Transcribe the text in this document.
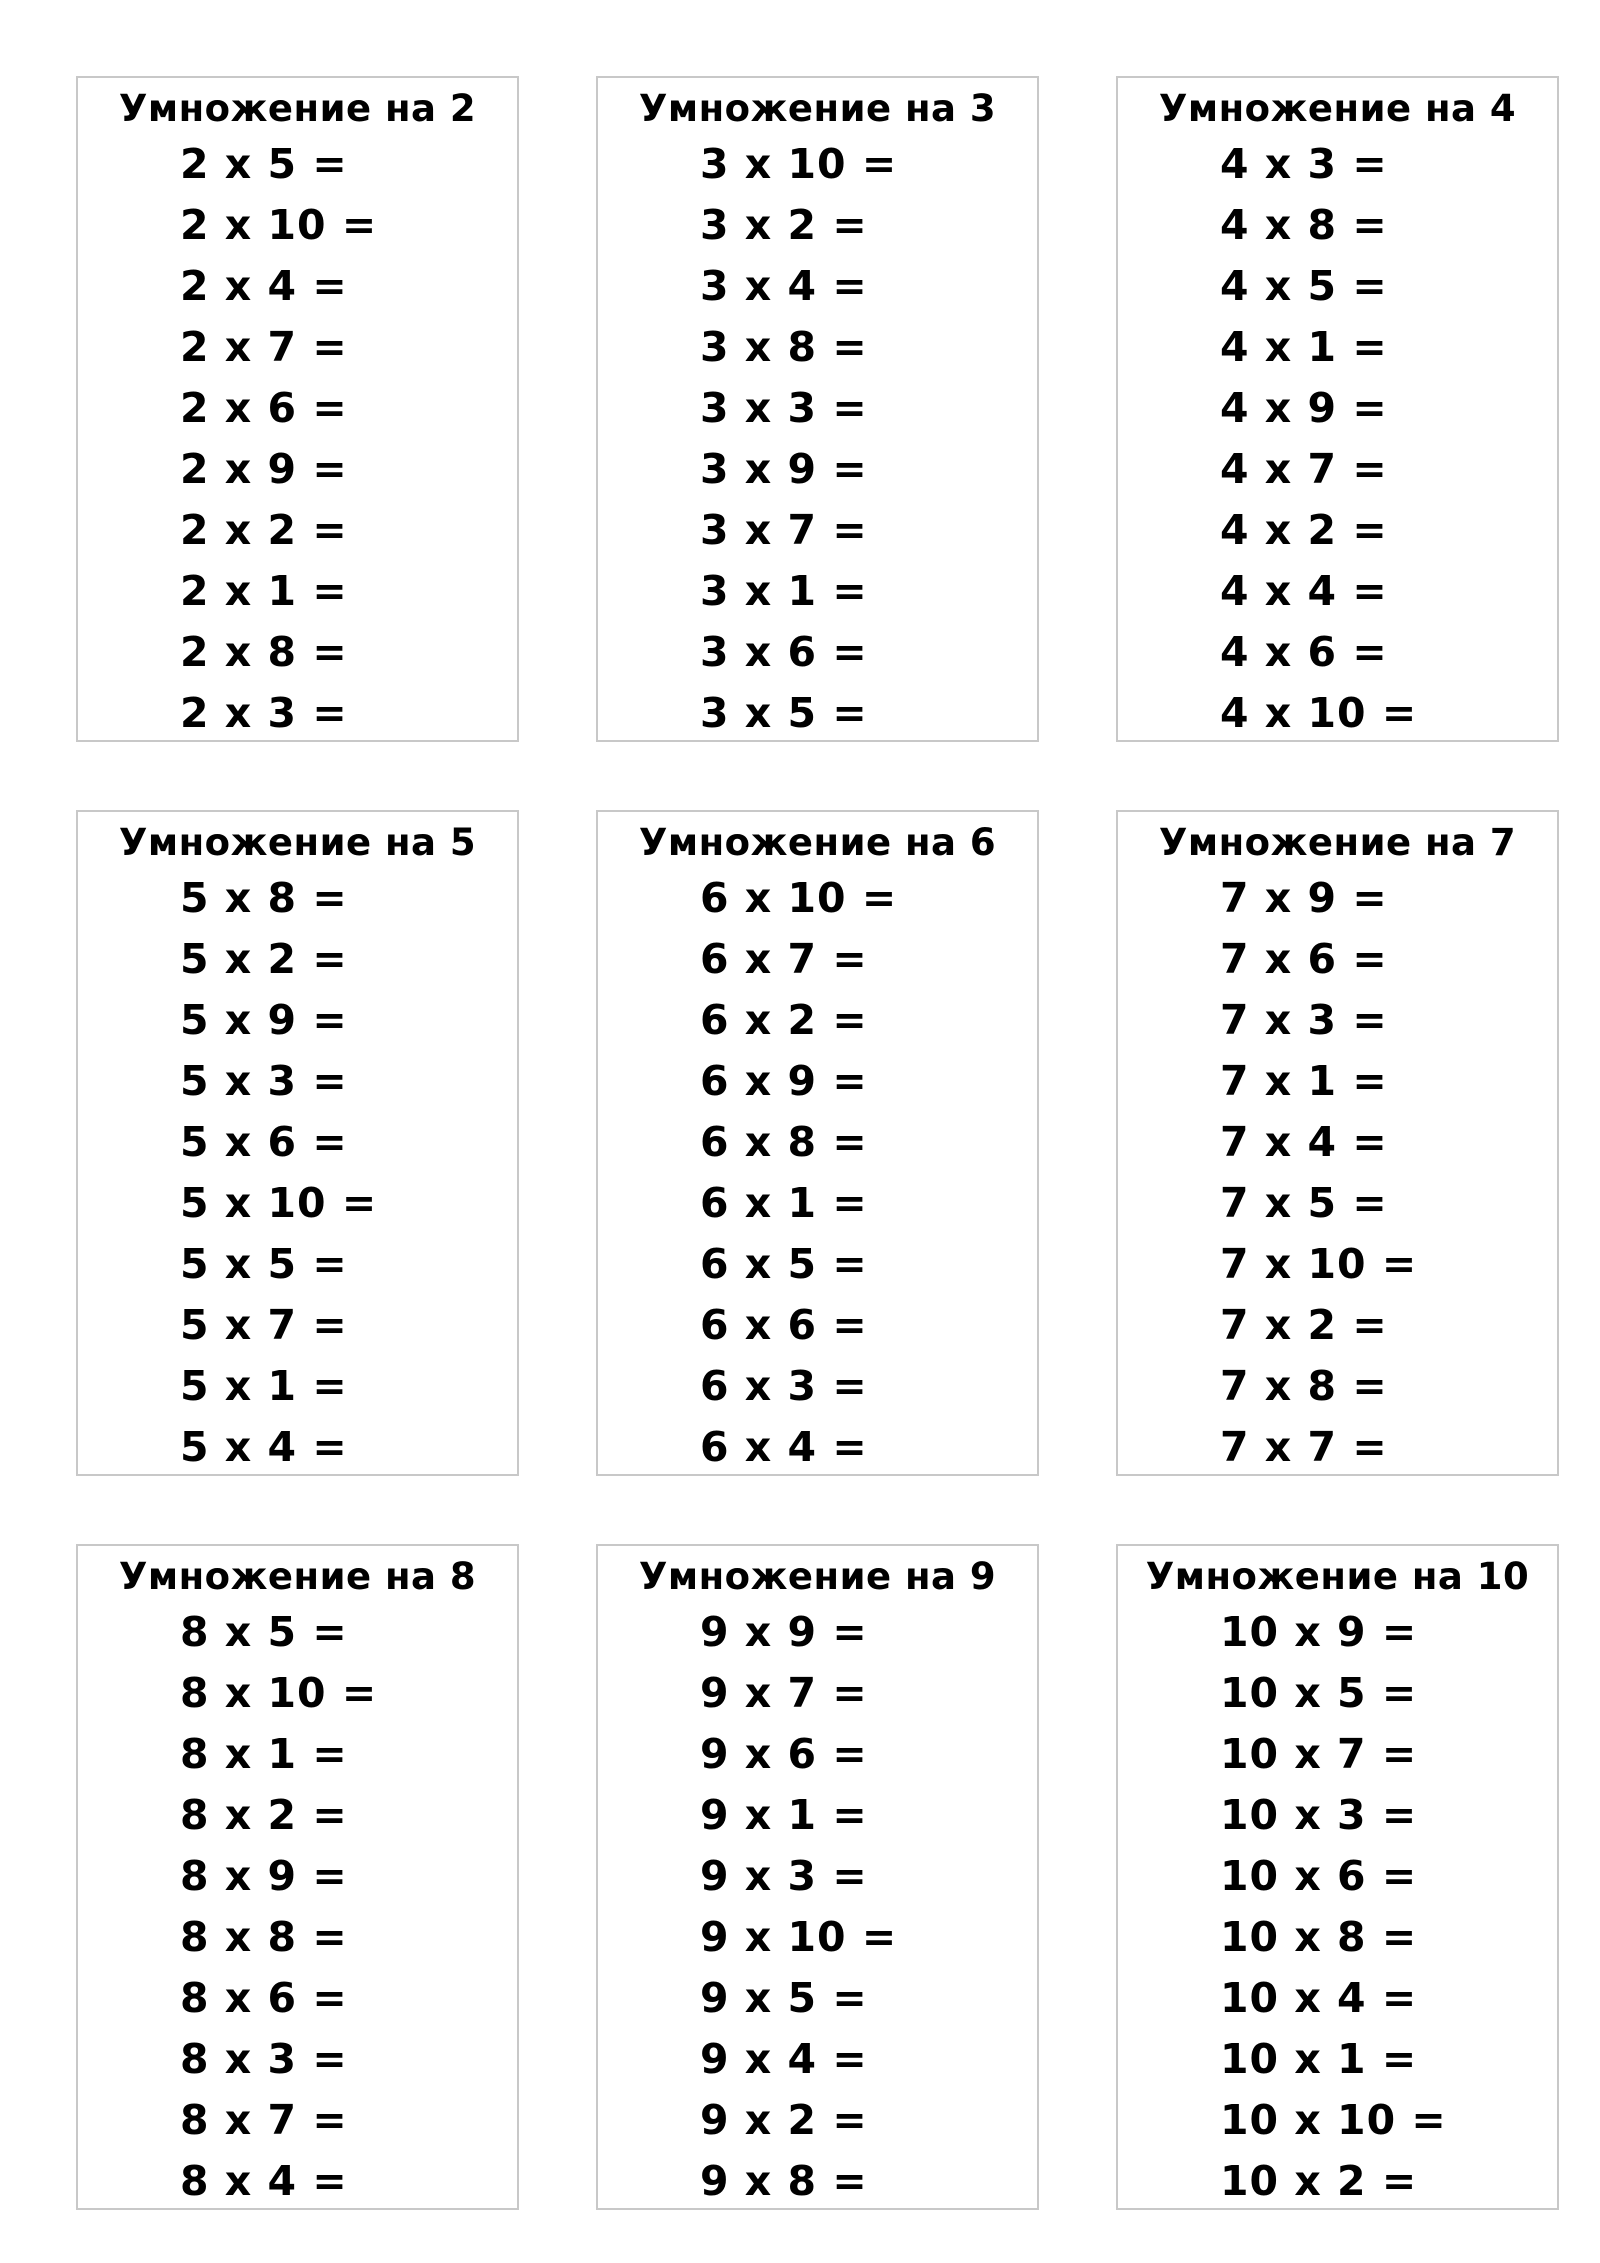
Умножение на 2
2 x 5 =
2 x 10 =
2 x 4 =
2 x 7 =
2 x 6 =
2 x 9 =
2 x 2 =
2 x 1 =
2 x 8 =
2 x 3 =
Умножение на 3
3 x 10 =
3 x 2 =
3 x 4 =
3 x 8 =
3 x 3 =
3 x 9 =
3 x 7 =
3 x 1 =
3 x 6 =
3 x 5 =
Умножение на 4
4 x 3 =
4 x 8 =
4 x 5 =
4 x 1 =
4 x 9 =
4 x 7 =
4 x 2 =
4 x 4 =
4 x 6 =
4 x 10 =
Умножение на 5
5 x 8 =
5 x 2 =
5 x 9 =
5 x 3 =
5 x 6 =
5 x 10 =
5 x 5 =
5 x 7 =
5 x 1 =
5 x 4 =
Умножение на 6
6 x 10 =
6 x 7 =
6 x 2 =
6 x 9 =
6 x 8 =
6 x 1 =
6 x 5 =
6 x 6 =
6 x 3 =
6 x 4 =
Умножение на 7
7 x 9 =
7 x 6 =
7 x 3 =
7 x 1 =
7 x 4 =
7 x 5 =
7 x 10 =
7 x 2 =
7 x 8 =
7 x 7 =
Умножение на 8
8 x 5 =
8 x 10 =
8 x 1 =
8 x 2 =
8 x 9 =
8 x 8 =
8 x 6 =
8 x 3 =
8 x 7 =
8 x 4 =
Умножение на 9
9 x 9 =
9 x 7 =
9 x 6 =
9 x 1 =
9 x 3 =
9 x 10 =
9 x 5 =
9 x 4 =
9 x 2 =
9 x 8 =
Умножение на 10
10 x 9 =
10 x 5 =
10 x 7 =
10 x 3 =
10 x 6 =
10 x 8 =
10 x 4 =
10 x 1 =
10 x 10 =
10 x 2 =
